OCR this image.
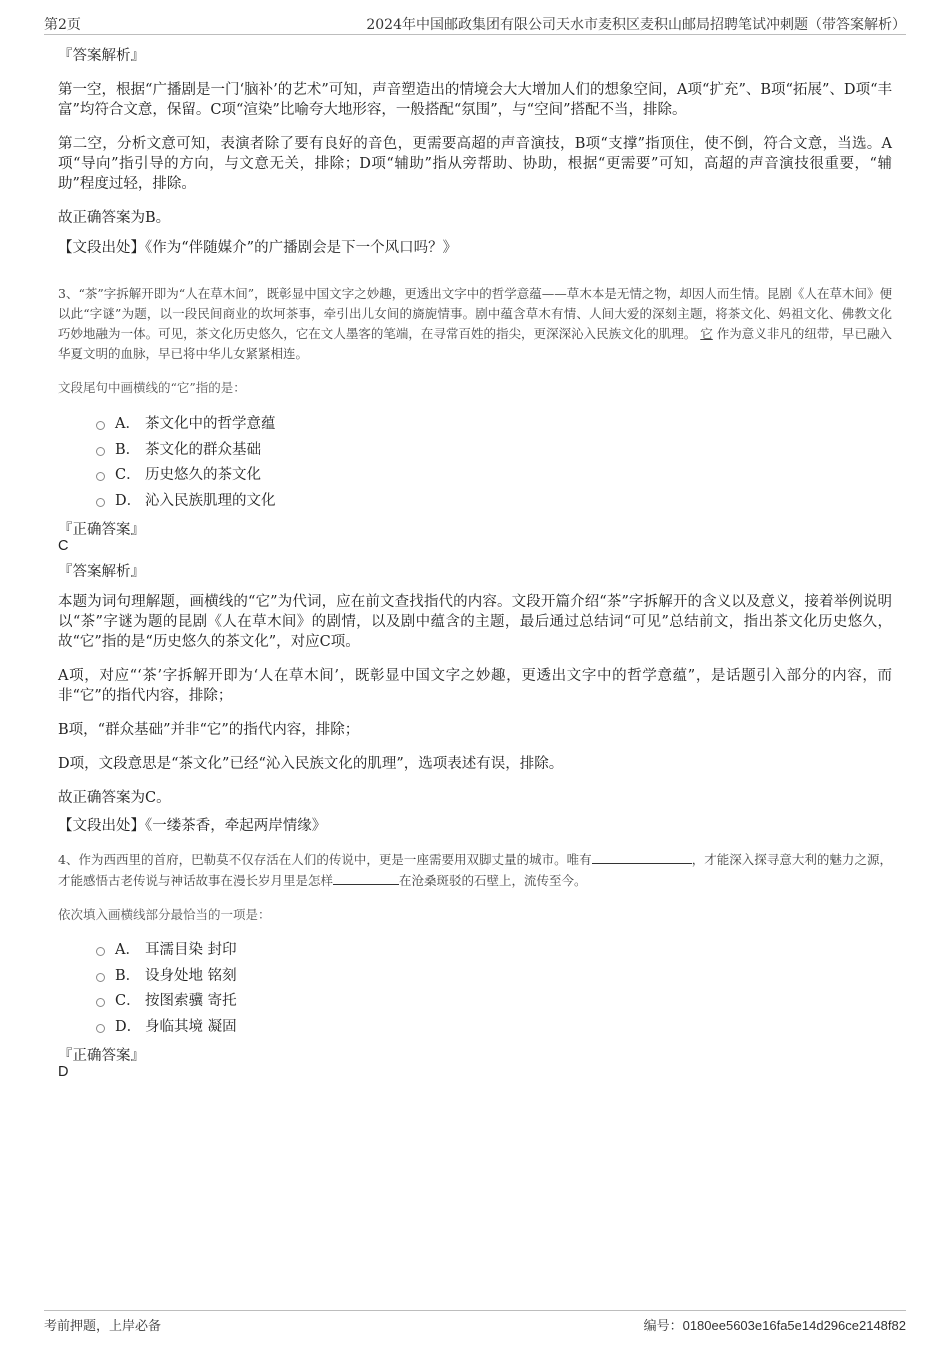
第2页	2024年中国邮政集团有限公司天水市麦积区麦积山邮局招聘笔试冲刺题（带答案解析）

『答案解析』

第一空，根据“广播剧是一门‘脑补’的艺术”可知，声音塑造出的情境会大大增加人们的想象空间，A项“扩充”、B项“拓展”、D项“丰富”均符合文意，保留。C项“渲染”比喻夸大地形容，一般搭配“氛围”，与“空间”搭配不当，排除。

第二空，分析文意可知，表演者除了要有良好的音色，更需要高超的声音演技，B项“支撑”指顶住，使不倒，符合文意，当选。A项“导向”指引导的方向，与文意无关，排除；D项“辅助”指从旁帮助、协助，根据“更需要”可知，高超的声音演技很重要，“辅助”程度过轻，排除。

故正确答案为B。

【文段出处】《作为“伴随媒介”的广播剧会是下一个风口吗？》

3、“茶”字拆解开即为“人在草木间”，既彰显中国文字之妙趣，更透出文字中的哲学意蕴——草木本是无情之物，却因人而生情。昆剧《人在草木间》便以此“字谜”为题，以一段民间商业的坎坷茶事，牵引出儿女间的旖旎情事。剧中蕴含草木有情、人间大爱的深刻主题，将茶文化、妈祖文化、佛教文化巧妙地融为一体。可见，茶文化历史悠久，它在文人墨客的笔端，在寻常百姓的指尖，更深深沁入民族文化的肌理。 它 作为意义非凡的纽带，早已融入华夏文明的血脉，早已将中华儿女紧紧相连。
文段尾句中画横线的“它”指的是：
A． 茶文化中的哲学意蕴
B． 茶文化的群众基础
C． 历史悠久的茶文化
D． 沁入民族肌理的文化
『正确答案』
C
『答案解析』

本题为词句理解题，画横线的“它”为代词，应在前文查找指代的内容。文段开篇介绍“茶”字拆解开的含义以及意义，接着举例说明以“茶”字谜为题的昆剧《人在草木间》的剧情，以及剧中蕴含的主题，最后通过总结词“可见”总结前文，指出茶文化历史悠久，故“它”指的是“历史悠久的茶文化”，对应C项。

A项，对应“‘茶’字拆解开即为‘人在草木间’，既彰显中国文字之妙趣，更透出文字中的哲学意蕴”，是话题引入部分的内容，而非“它”的指代内容，排除；

B项，“群众基础”并非“它”的指代内容，排除；

D项，文段意思是“茶文化”已经“沁入民族文化的肌理”，选项表述有误，排除。

故正确答案为C。

【文段出处】《一缕茶香，牵起两岸情缘》

4、作为西西里的首府，巴勒莫不仅存活在人们的传说中，更是一座需要用双脚丈量的城市。唯有	，才能深入探寻意大利的魅力之源，才能感悟古老传说与神话故事在漫长岁月里是怎样	在沧桑斑驳的石壁上，流传至今。
依次填入画横线部分最恰当的一项是：
A． 耳濡目染 封印
B． 设身处地 铭刻
C． 按图索骥 寄托
D． 身临其境 凝固
『正确答案』
D
考前押题，上岸必备	编号：0180ee5603e16fa5e14d296ce2148f82
